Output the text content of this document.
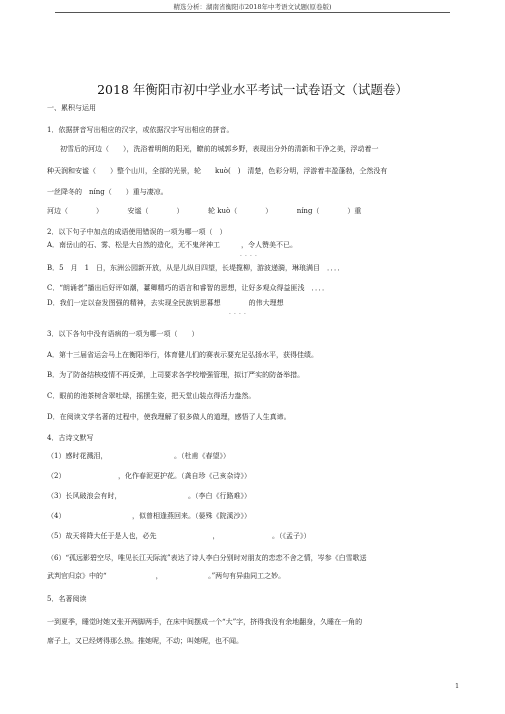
精选分析：湖南省衡阳市2018年中考语文试题(原卷版)
2018 年衡阳市初中学业水平考试一试卷语文（试题卷）
一、累积与运用
1．依据拼音写出相应的汉字，或依据汉字写出相应的拼音。
初雪后的河边（　　），洗浴着明朗的阳光，瞭前的城郭乡野，表现出分外的清新和干净之美，浮动着一
种天润和安谧（　　）整个山川，全部的光景，轮　　kuò(　)　清楚，色彩分明，浮游着丰盈蓬勃，仝然没有
一丝降冬的　níng（　　）重与凄凉。
河边（　　　　）　　　　安谧（　　　　）　　　　轮 kuò（　　　　）　　　　níng（　　　　）重
2．以下句子中加点的成语使用错误的一项为哪一项（　）
A．南岳山的石、雾、松是大自然的造化，无不鬼斧神工　　　，令人赞美不已。
．．．．
B．5　月　1　日，东洲公园新开放，从是儿纵目四望，长堤揽柳，游波递漪，琳琅满目　．．．．
C．“朗诵者”播出后好评如潮，薹卿精巧的语言和睿智的思想，让好多观众得益匪浅　．．．．
D．我们一定以奋发图强的精神，去实现全民族钥思暮想　　　　的伟大理想
．．．．
3．以下各句中没有语病的一项为哪一项（　　）
A．第十三届省运会马上在衡阳举行，体育健儿们的赛表示要充足弘扬水平，获得佳绩。
B．为了防备结核疫情不再反弹，上司要求各学校增强管理，拟订严实的防备举措。
C．眼前的池茶树含翠吐绿，摇摆生姿，把天堂山装点得活力盎然。
D．在阅读文学名著的过程中，使我理解了很多做人的道理，感悟了人生真谛。
4．古诗文默写
（1）感时花溅泪，　　　　　　　　　　。（杜甫《春望》）
（2）　　　　　　　　，化作春泥更护花。（龚自珍《己亥杂诗》）
（3）长风破浪会有时，　　　　　　　　　　。（李白《行路难》）
（4）　　　　　　　　　　，似曾相逢燕回来。（晏殊《院溪沙》）
（5）故天将降大任于是人也，必先　　　　　　　　，　　　　　　　　。（《孟子》）
（6）“孤远影碧空尽，唯见长江天际流”表达了诗人李白分别时对朋友的恋恋不舍之情，岑参《白雪歌送
武判官归京》中的“　　　　　　　，　　　　　　　。”两句有异曲同工之妙。
5．名著阅读
一到夏季，睡觉时她又张开两脚两手，在床中间摆成一个“大”字，挤得我没有余地翻身，久睡在一角的
席子上，又已经烤得那么热。推她呢，不动；叫她呢，也不闻。
1
